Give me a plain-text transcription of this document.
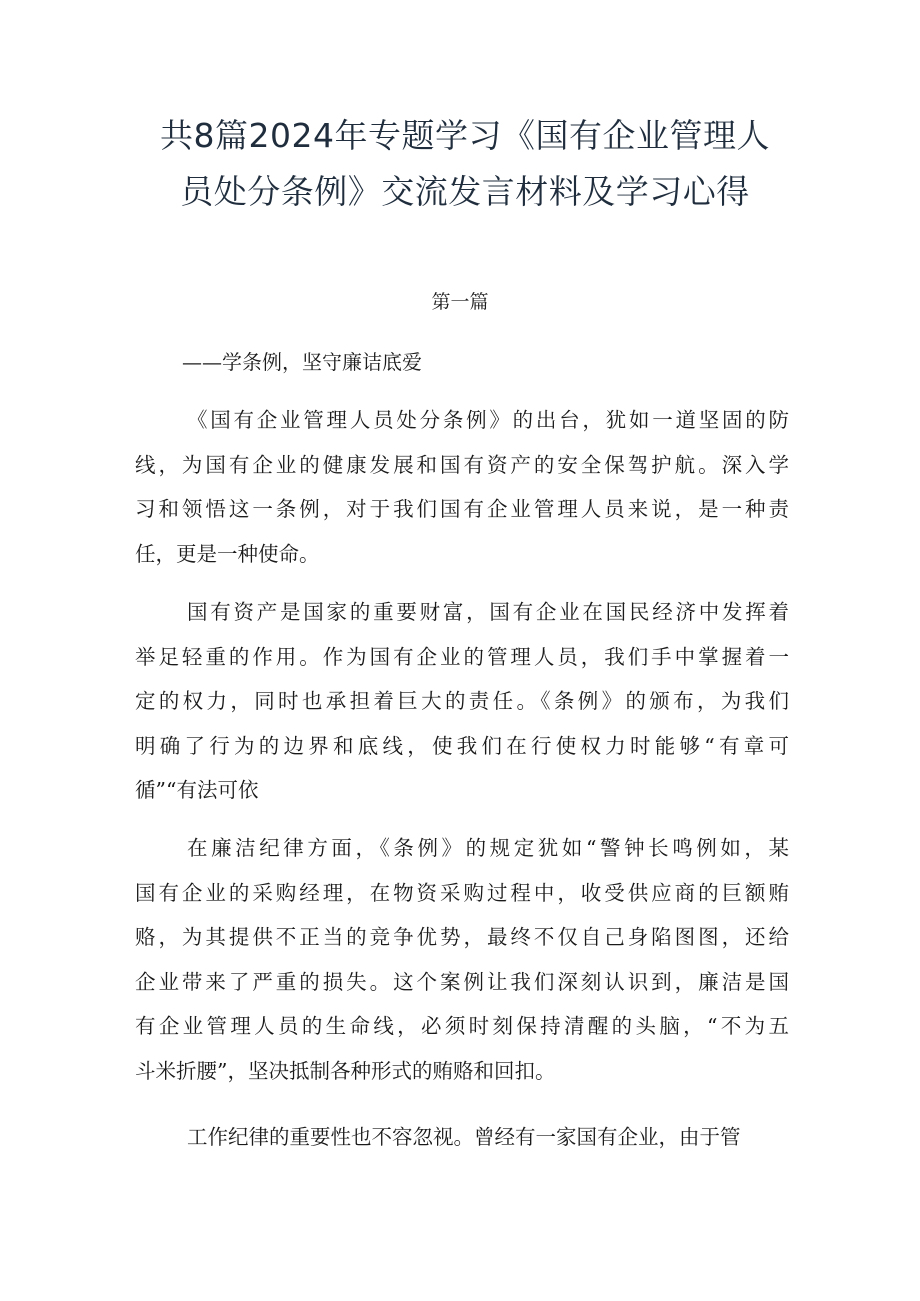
共8篇2024年专题学习《国有企业管理人
员处分条例》交流发言材料及学习心得
第一篇
——学条例，坚守廉诘底爱
《国有企业管理人员处分条例》的出台，犹如一道坚固的防
线，为国有企业的健康发展和国有资产的安全保驾护航。深入学
习和领悟这一条例，对于我们国有企业管理人员来说，是一种责
任，更是一种使命。
国有资产是国家的重要财富，国有企业在国民经济中发挥着
举足轻重的作用。作为国有企业的管理人员，我们手中掌握着一
定的权力，同时也承担着巨大的责任。《条例》的颁布，为我们
明确了行为的边界和底线，使我们在行使权力时能够“有章可
循”“有法可依
在廉洁纪律方面，《条例》的规定犹如“警钟长鸣例如，某
国有企业的采购经理，在物资采购过程中，收受供应商的巨额贿
赂，为其提供不正当的竞争优势，最终不仅自己身陷图图，还给
企业带来了严重的损失。这个案例让我们深刻认识到，廉洁是国
有企业管理人员的生命线，必须时刻保持清醒的头脑，“不为五
斗米折腰”，坚决抵制各种形式的贿赂和回扣。
工作纪律的重要性也不容忽视。曾经有一家国有企业，由于管
